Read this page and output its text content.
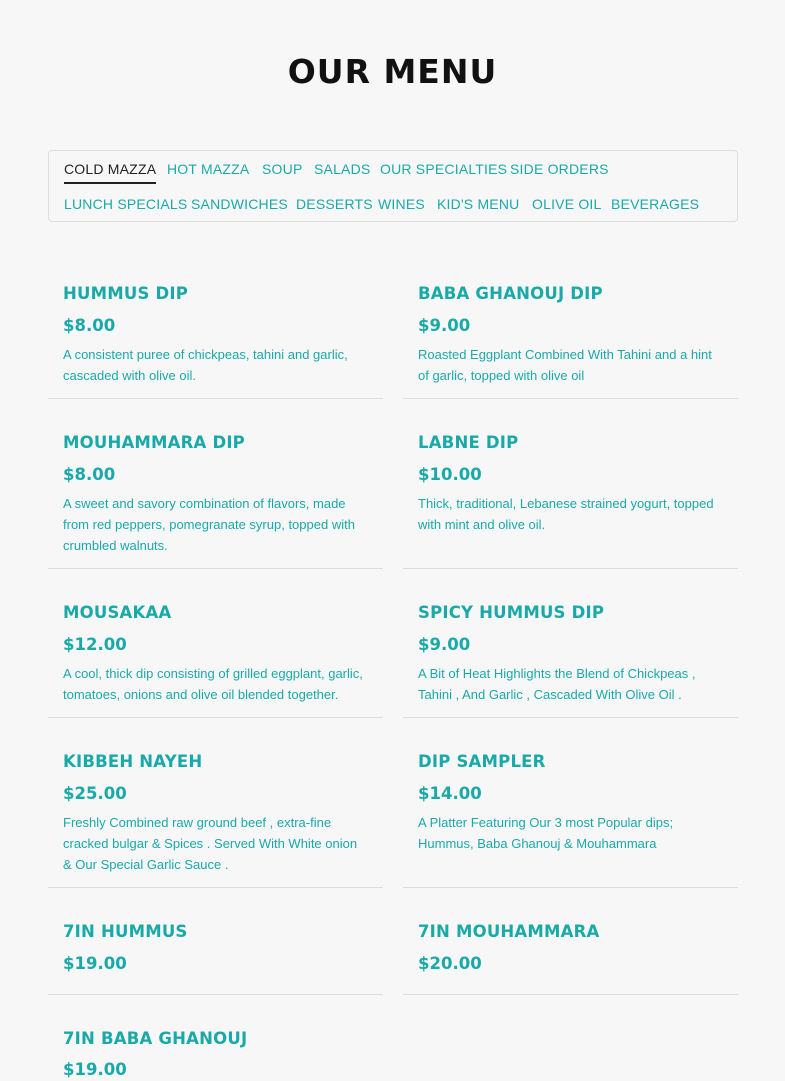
OUR MENU
COLD MAZZA HOT MAZZA SOUP SALADS OUR SPECIALTIES SIDE ORDERS
LUNCH SPECIALS SANDWICHES DESSERTS WINES KID'S MENU OLIVE OIL BEVERAGES
HUMMUS DIP
$8.00
A consistent puree of chickpeas, tahini and garlic, cascaded with olive oil.
BABA GHANOUJ DIP
$9.00
Roasted Eggplant Combined With Tahini and a hint of garlic, topped with olive oil
MOUHAMMARA DIP
$8.00
A sweet and savory combination of flavors, made from red peppers, pomegranate syrup, topped with crumbled walnuts.
LABNE DIP
$10.00
Thick, traditional, Lebanese strained yogurt, topped with mint and olive oil.
MOUSAKAA
$12.00
A cool, thick dip consisting of grilled eggplant, garlic, tomatoes, onions and olive oil blended together.
SPICY HUMMUS DIP
$9.00
A Bit of Heat Highlights the Blend of Chickpeas , Tahini , And Garlic , Cascaded With Olive Oil .
KIBBEH NAYEH
$25.00
Freshly Combined raw ground beef , extra-fine cracked bulgar & Spices . Served With White onion & Our Special Garlic Sauce .
DIP SAMPLER
$14.00
A Platter Featuring Our 3 most Popular dips; Hummus, Baba Ghanouj & Mouhammara
7IN HUMMUS
$19.00
7IN MOUHAMMARA
$20.00
7IN BABA GHANOUJ
$19.00
